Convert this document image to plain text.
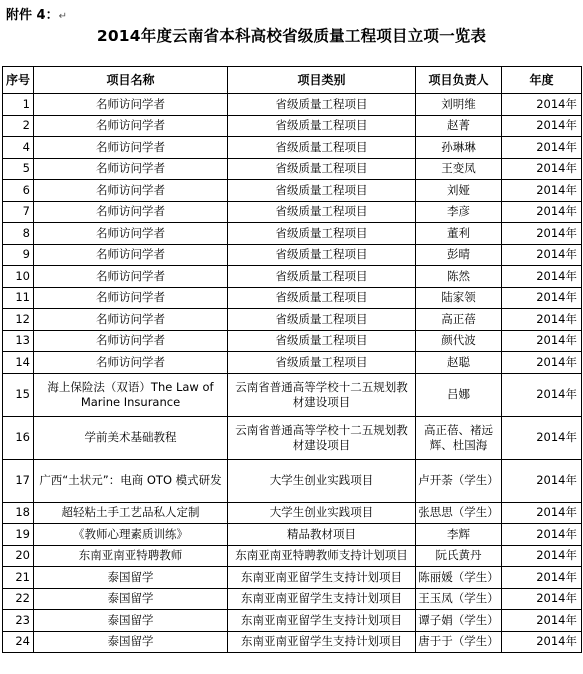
附件 4：↵
2014年度云南省本科高校省级质量工程项目立项一览表
序号	项目名称	项目类别	项目负责人	年度
1	名师访问学者	省级质量工程项目	刘明维	2014年
2	名师访问学者	省级质量工程项目	赵菁	2014年
4	名师访问学者	省级质量工程项目	孙琳琳	2014年
5	名师访问学者	省级质量工程项目	王变凤	2014年
6	名师访问学者	省级质量工程项目	刘娅	2014年
7	名师访问学者	省级质量工程项目	李彦	2014年
8	名师访问学者	省级质量工程项目	董利	2014年
9	名师访问学者	省级质量工程项目	彭晴	2014年
10	名师访问学者	省级质量工程项目	陈然	2014年
11	名师访问学者	省级质量工程项目	陆家领	2014年
12	名师访问学者	省级质量工程项目	高正蓓	2014年
13	名师访问学者	省级质量工程项目	颜代波	2014年
14	名师访问学者	省级质量工程项目	赵聪	2014年
15	海上保险法（双语）The Law of Marine Insurance	云南省普通高等学校十二五规划教材建设项目	吕娜	2014年
16	学前美术基础教程	云南省普通高等学校十二五规划教材建设项目	高正蓓、褚远辉、杜国海	2014年
17	广西“土状元”：电商 OTO 模式研发	大学生创业实践项目	卢开荼（学生）	2014年
18	超轻粘土手工艺品私人定制	大学生创业实践项目	张思思（学生）	2014年
19	《教师心理素质训练》	精品教材项目	李辉	2014年
20	东南亚南亚特聘教师	东南亚南亚特聘教师支持计划项目	阮氏黄丹	2014年
21	泰国留学	东南亚南亚留学生支持计划项目	陈丽媛（学生）	2014年
22	泰国留学	东南亚南亚留学生支持计划项目	王玉凤（学生）	2014年
23	泰国留学	东南亚南亚留学生支持计划项目	谭子娟（学生）	2014年
24	泰国留学	东南亚南亚留学生支持计划项目	唐于于（学生）	2014年
